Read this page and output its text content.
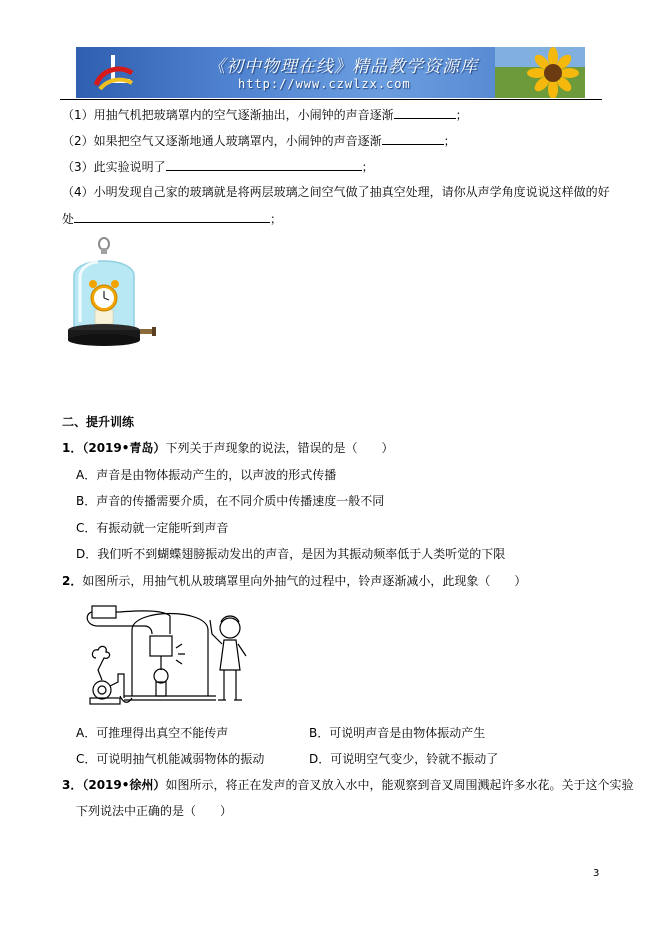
《初中物理在线》精品教学资源库
http://www.czwlzx.com
（1）用抽气机把玻璃罩内的空气逐渐抽出，小闹钟的声音逐渐	；
（2）如果把空气又逐渐地通人玻璃罩内，小闹钟的声音逐渐	；
（3）此实验说明了	；
（4）小明发现自己家的玻璃就是将两层玻璃之间空气做了抽真空处理，请你从声学角度说说这样做的好
处	；
二、提升训练
1．（2019•青岛）下列关于声现象的说法，错误的是（　　）
A．声音是由物体振动产生的，以声波的形式传播
B．声音的传播需要介质，在不同介质中传播速度一般不同
C．有振动就一定能听到声音
D．我们听不到蝴蝶翅膀振动发出的声音，是因为其振动频率低于人类听觉的下限
2．如图所示，用抽气机从玻璃罩里向外抽气的过程中，铃声逐渐减小，此现象（　　）
A．可推理得出真空不能传声	B．可说明声音是由物体振动产生
C．可说明抽气机能减弱物体的振动	D．可说明空气变少，铃就不振动了
3．（2019•徐州）如图所示，将正在发声的音叉放入水中，能观察到音叉周围溅起许多水花。关于这个实验
下列说法中正确的是（　　）
3
